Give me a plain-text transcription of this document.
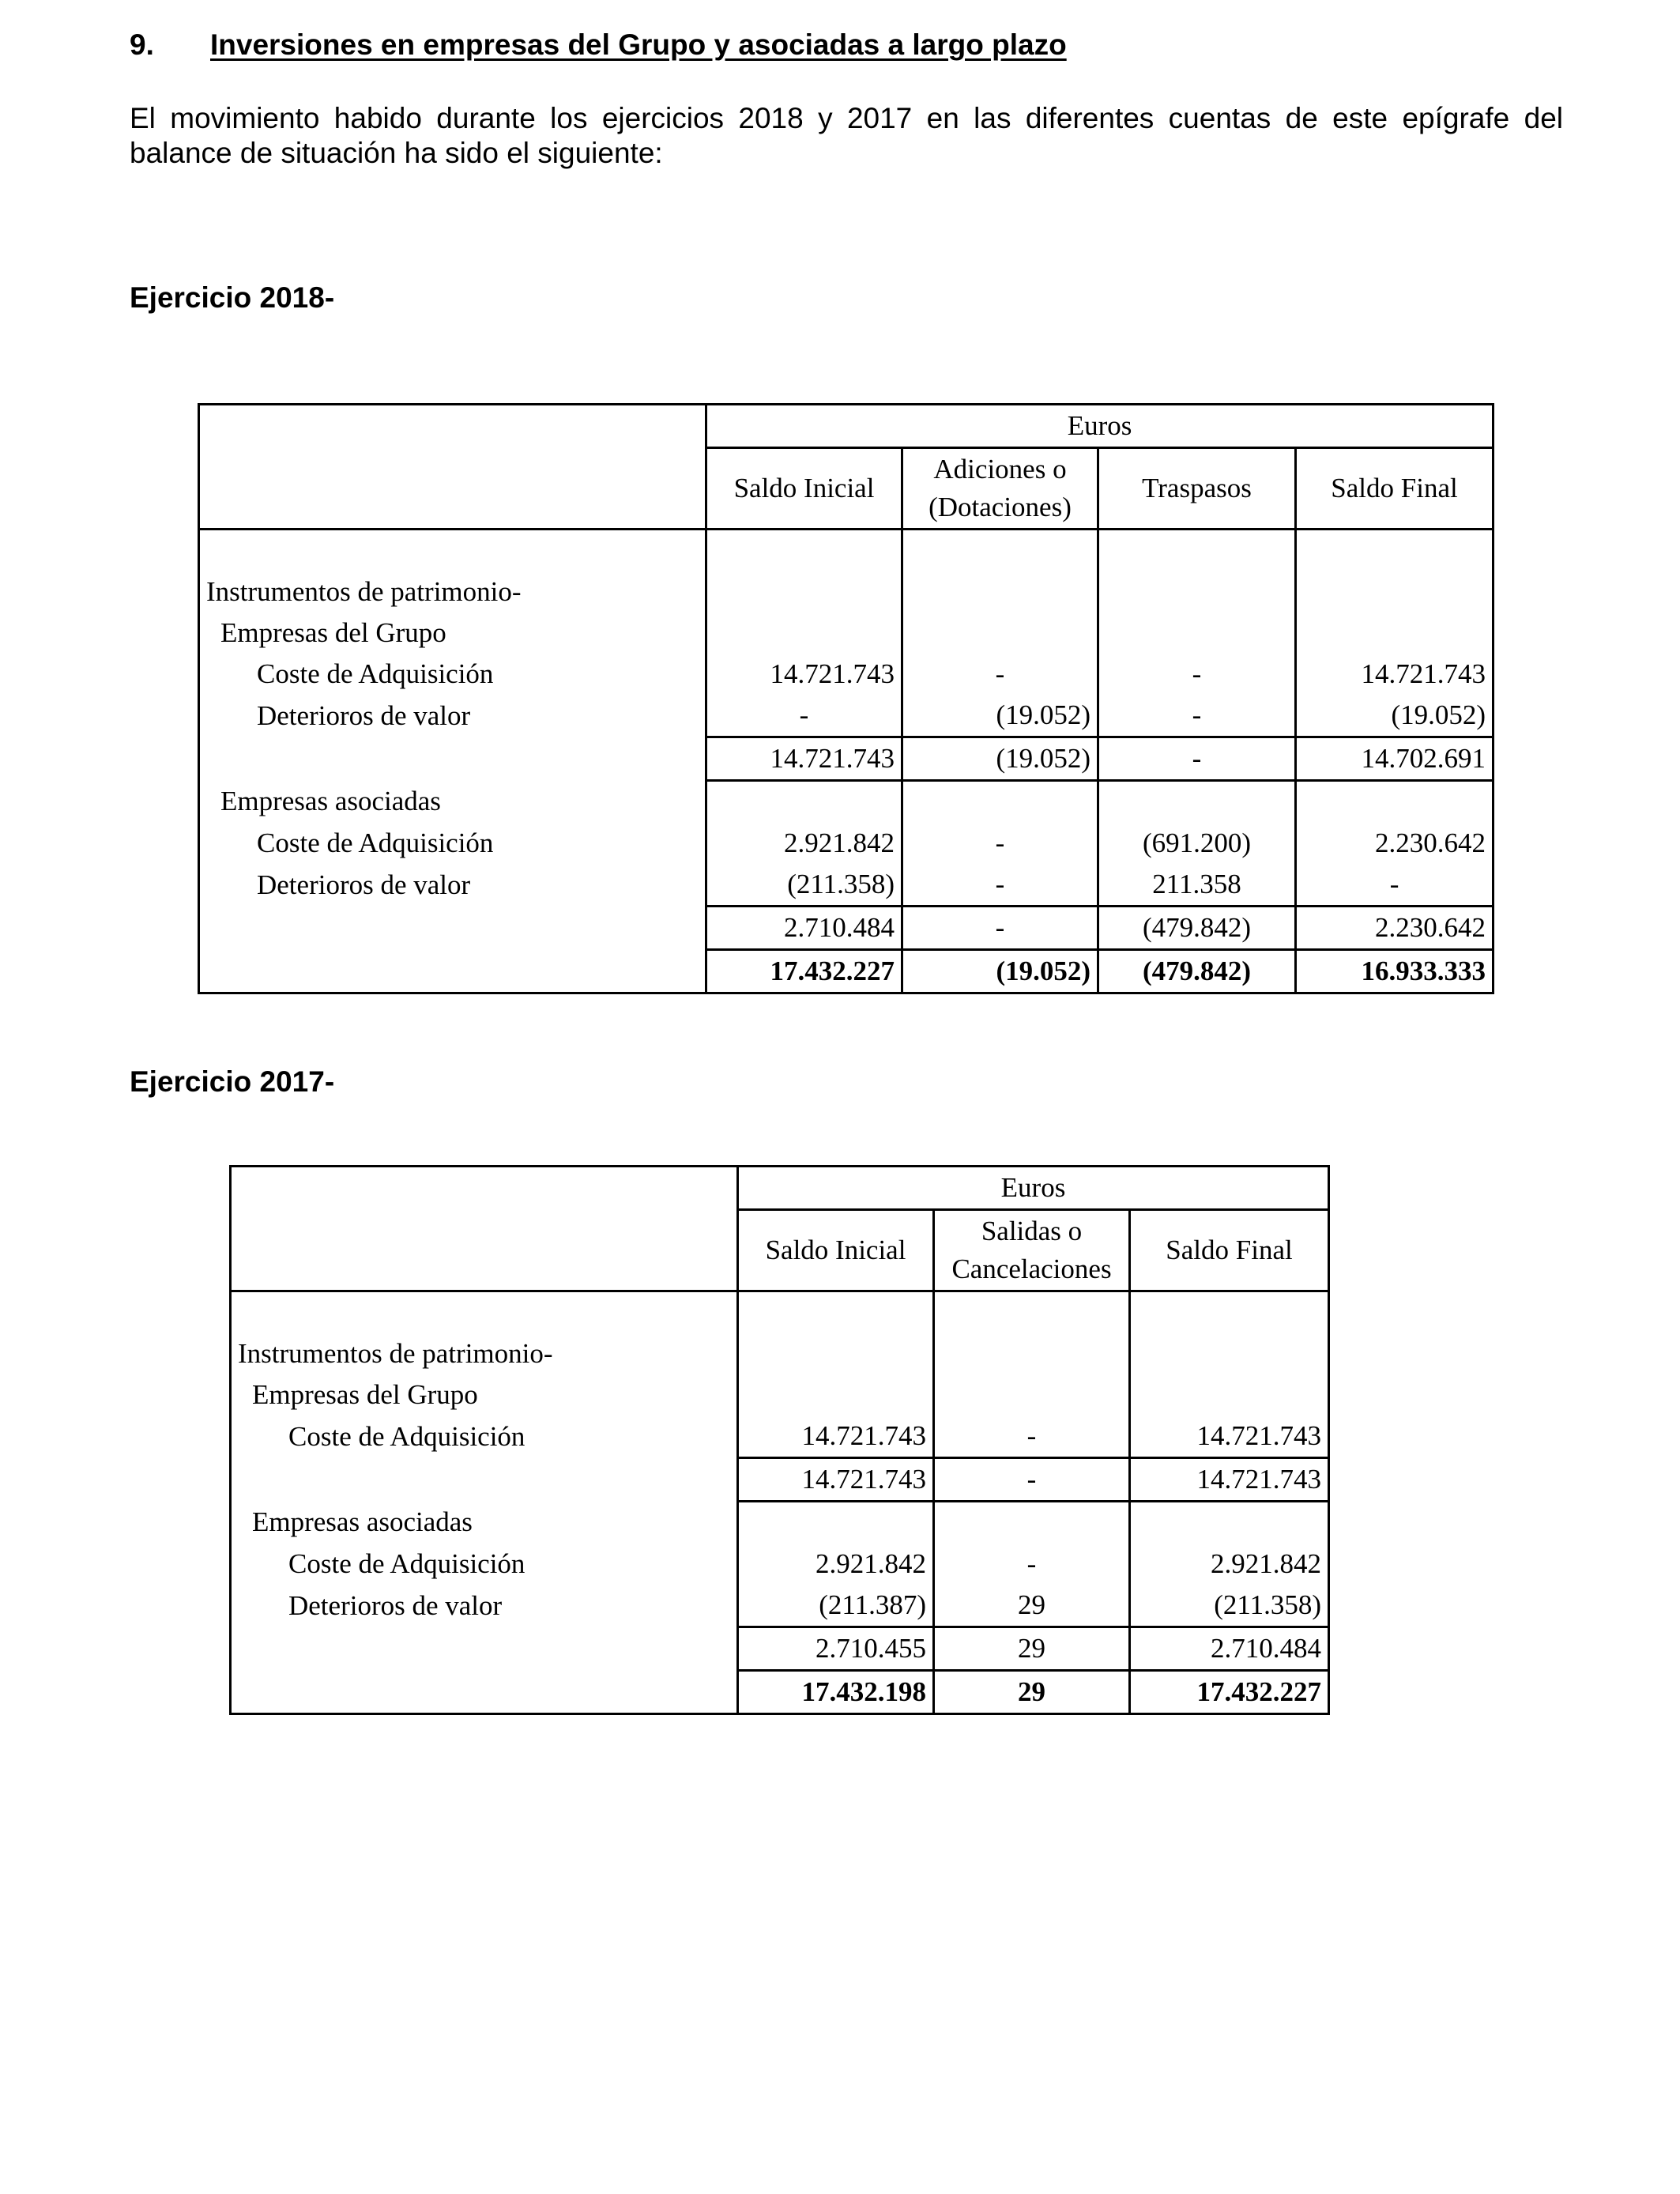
9. Inversiones en empresas del Grupo y asociadas a largo plazo
El movimiento habido durante los ejercicios 2018 y 2017 en las diferentes cuentas de este epígrafe del balance de situación ha sido el siguiente:
Ejercicio 2018-
	Euros			
	Saldo Inicial	Adiciones o
(Dotaciones)	Traspasos	Saldo Final

Instrumentos de patrimonio-				
Empresas del Grupo				
Coste de Adquisición	14.721.743	-	-	14.721.743
Deterioros de valor	-	(19.052)	-	(19.052)
	14.721.743	(19.052)	-	14.702.691
Empresas asociadas				
Coste de Adquisición	2.921.842	-	(691.200)	2.230.642
Deterioros de valor	(211.358)	-	211.358	-
	2.710.484	-	(479.842)	2.230.642
	17.432.227	(19.052)	(479.842)	16.933.333
Ejercicio 2017-
	Euros		
	Saldo Inicial	Salidas o
Cancelaciones	Saldo Final

Instrumentos de patrimonio-			
Empresas del Grupo			
Coste de Adquisición	14.721.743	-	14.721.743
	14.721.743	-	14.721.743
Empresas asociadas			
Coste de Adquisición	2.921.842	-	2.921.842
Deterioros de valor	(211.387)	29	(211.358)
	2.710.455	29	2.710.484
	17.432.198	29	17.432.227
